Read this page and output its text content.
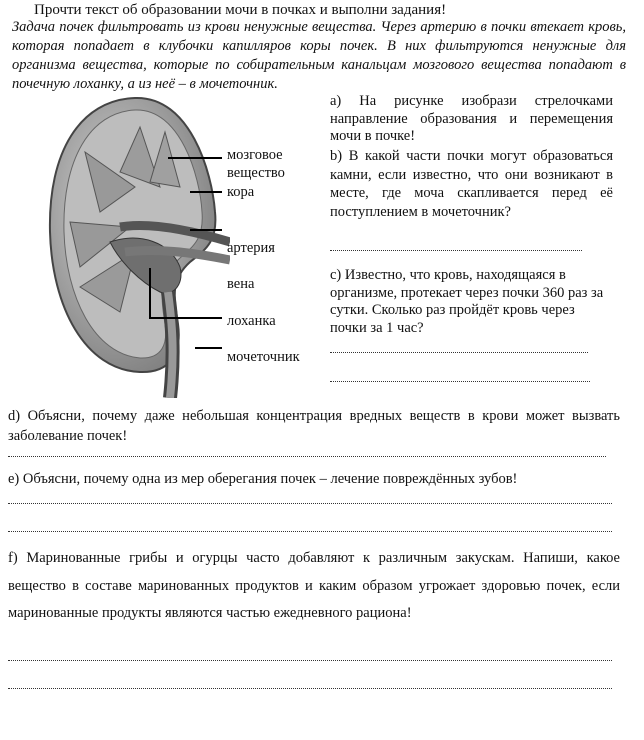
Прочти текст об образовании мочи в почках и выполни задания!
Задача почек фильтровать из крови ненужные вещества. Через артерию в почки втекает кровь, которая попадает в клубочки капилляров коры почек. В них фильтруются ненужные для организма вещества, которые по собирательным канальцам мозгового вещества попадают в почечную лоханку, а из неё – в мочеточник.
мозговое
вещество
кора
артерия
вена
лоханка
мочеточник
a) На рисунке изобрази стрелочками направление образования и перемещения мочи в почке!
b) В какой части почки могут образоваться камни, если известно, что они возникают в месте, где моча скапливается перед её поступлением в мочеточник?
c) Известно, что кровь, находящаяся в организме, протекает через почки 360 раз за сутки. Сколько раз пройдёт кровь через почки за 1 час?
d) Объясни, почему даже небольшая концентрация вредных веществ в крови может вызвать заболевание почек!
e) Объясни, почему одна из мер оберегания почек – лечение повреждённых зубов!
f) Маринованные грибы и огурцы часто добавляют к различным закускам. Напиши, какое вещество в составе маринованных продуктов и каким образом угрожает здоровью почек, если маринованные продукты являются частью ежедневного рациона!
